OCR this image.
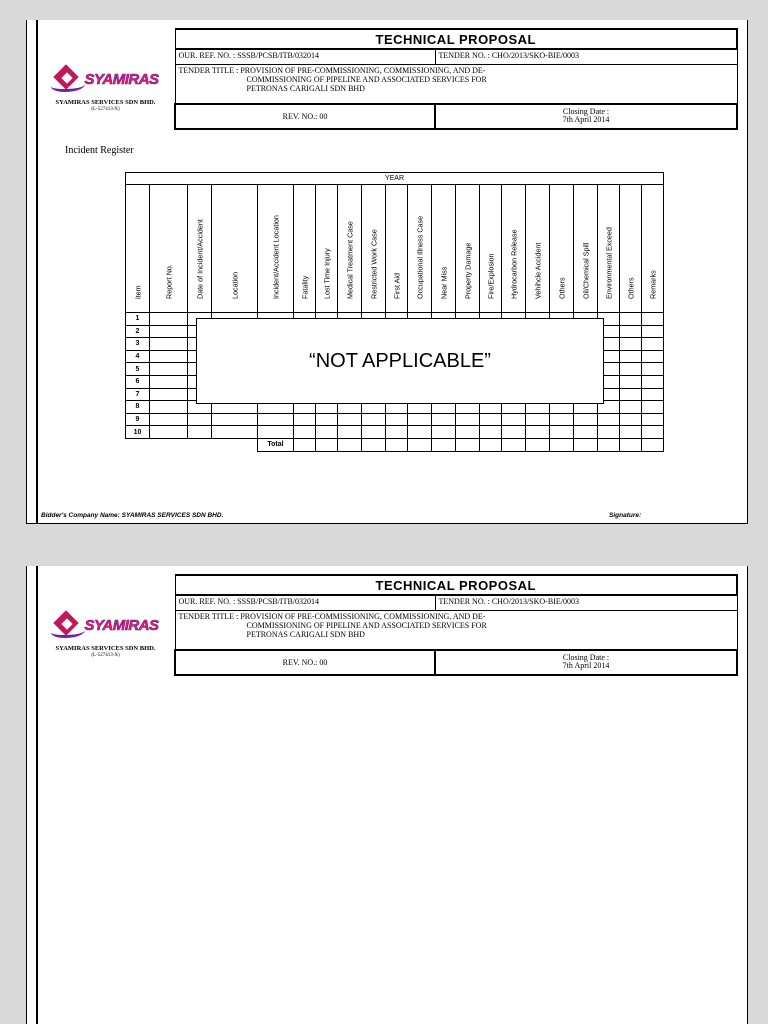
	TECHNICAL PROPOSAL	

SYAMIRAS
SYAMIRAS SERVICES SDN BHD.
(L-527413-X)	OUR. REF. NO. : SSSB/PCSB/ITB/032014	TENDER NO. : CHO/2013/SKO-BIE/0003

	TENDER TITLE : PROVISION OF PRE-COMMISSIONING, COMMISSIONING, AND DE-
COMMISSIONING OF PIPELINE AND ASSOCIATED SERVICES FOR
PETRONAS CARIGALI SDN BHD	

	REV. NO.: 00	Closing Date :
7th April 2014
Incident Register
YEAR																				

item	Report No.	Date of Incident/Accident	Location	Incident/Accident Location	Fatality	Lost Time Injury	Medical Treatment Case	Restricted Work Case	First Aid	Occupational Illness Case	Near Miss	Property Damage	Fire/Explosion	Hydrocarbon Release	Vehihcle Accident	Others	Oil/Chemical Spill	Environmental Exceed	Others	Remarks

1																				
2																				
3																				
4																				
5																				
6																				
7																				
8																				
9																				
10																				
				Total																
Bidder's Company Name: SYAMIRAS SERVICES SDN BHD.	Signature:
“NOT APPLICABLE”
	TECHNICAL PROPOSAL	

SYAMIRAS
SYAMIRAS SERVICES SDN BHD.
(L-527413-X)	OUR. REF. NO. : SSSB/PCSB/ITB/032014	TENDER NO. : CHO/2013/SKO-BIE/0003

	TENDER TITLE : PROVISION OF PRE-COMMISSIONING, COMMISSIONING, AND DE-
COMMISSIONING OF PIPELINE AND ASSOCIATED SERVICES FOR
PETRONAS CARIGALI SDN BHD	

	REV. NO.: 00	Closing Date :
7th April 2014
